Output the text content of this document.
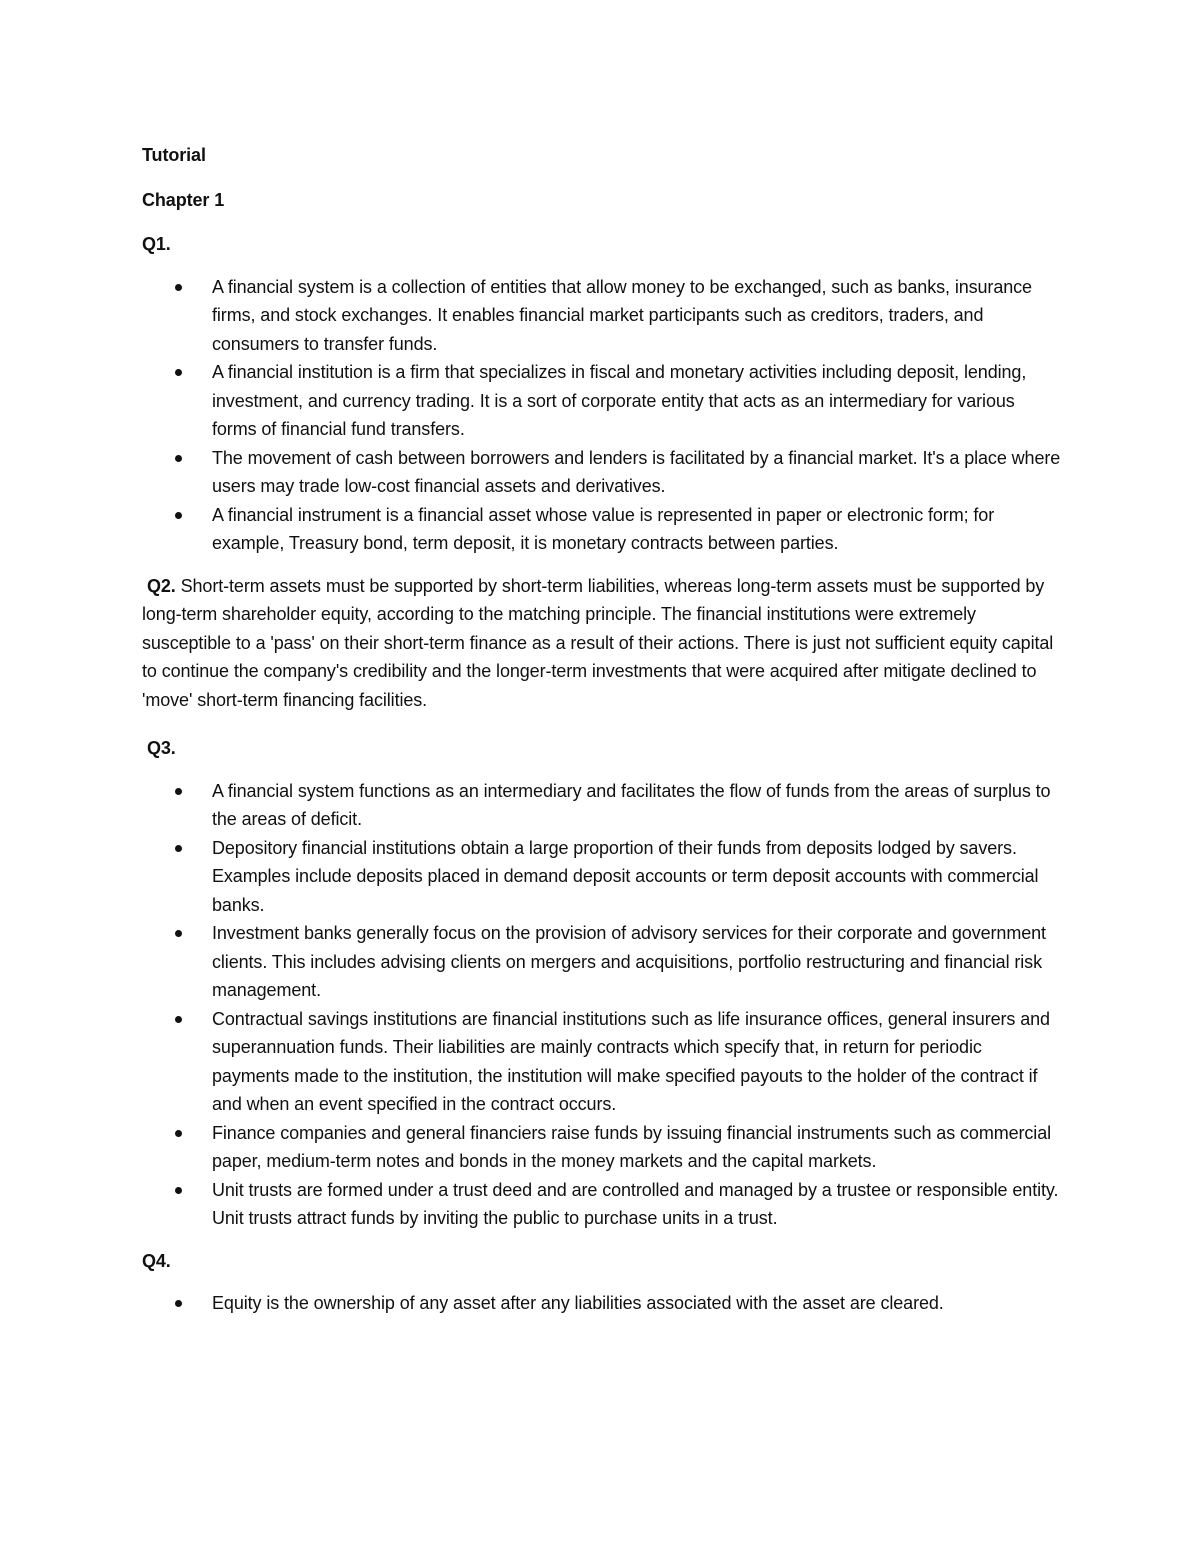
Tutorial
Chapter 1
Q1.
A financial system is a collection of entities that allow money to be exchanged, such as banks, insurance firms, and stock exchanges. It enables financial market participants such as creditors, traders, and consumers to transfer funds.
A financial institution is a firm that specializes in fiscal and monetary activities including deposit, lending, investment, and currency trading. It is a sort of corporate entity that acts as an intermediary for various forms of financial fund transfers.
The movement of cash between borrowers and lenders is facilitated by a financial market. It's a place where users may trade low-cost financial assets and derivatives.
A financial instrument is a financial asset whose value is represented in paper or electronic form; for example, Treasury bond, term deposit, it is monetary contracts between parties.

Q2. Short-term assets must be supported by short-term liabilities, whereas long-term assets must be supported by long-term shareholder equity, according to the matching principle. The financial institutions were extremely susceptible to a 'pass' on their short-term finance as a result of their actions. There is just not sufficient equity capital to continue the company's credibility and the longer-term investments that were acquired after mitigate declined to 'move' short-term financing facilities.

Q3.
A financial system functions as an intermediary and facilitates the flow of funds from the areas of surplus to the areas of deficit.
Depository financial institutions obtain a large proportion of their funds from deposits lodged by savers. Examples include deposits placed in demand deposit accounts or term deposit accounts with commercial banks.
Investment banks generally focus on the provision of advisory services for their corporate and government clients. This includes advising clients on mergers and acquisitions, portfolio restructuring and financial risk management.
Contractual savings institutions are financial institutions such as life insurance offices, general insurers and superannuation funds. Their liabilities are mainly contracts which specify that, in return for periodic payments made to the institution, the institution will make specified payouts to the holder of the contract if and when an event specified in the contract occurs.
Finance companies and general financiers raise funds by issuing financial instruments such as commercial paper, medium-term notes and bonds in the money markets and the capital markets.
Unit trusts are formed under a trust deed and are controlled and managed by a trustee or responsible entity. Unit trusts attract funds by inviting the public to purchase units in a trust.
Q4.
Equity is the ownership of any asset after any liabilities associated with the asset are cleared.
